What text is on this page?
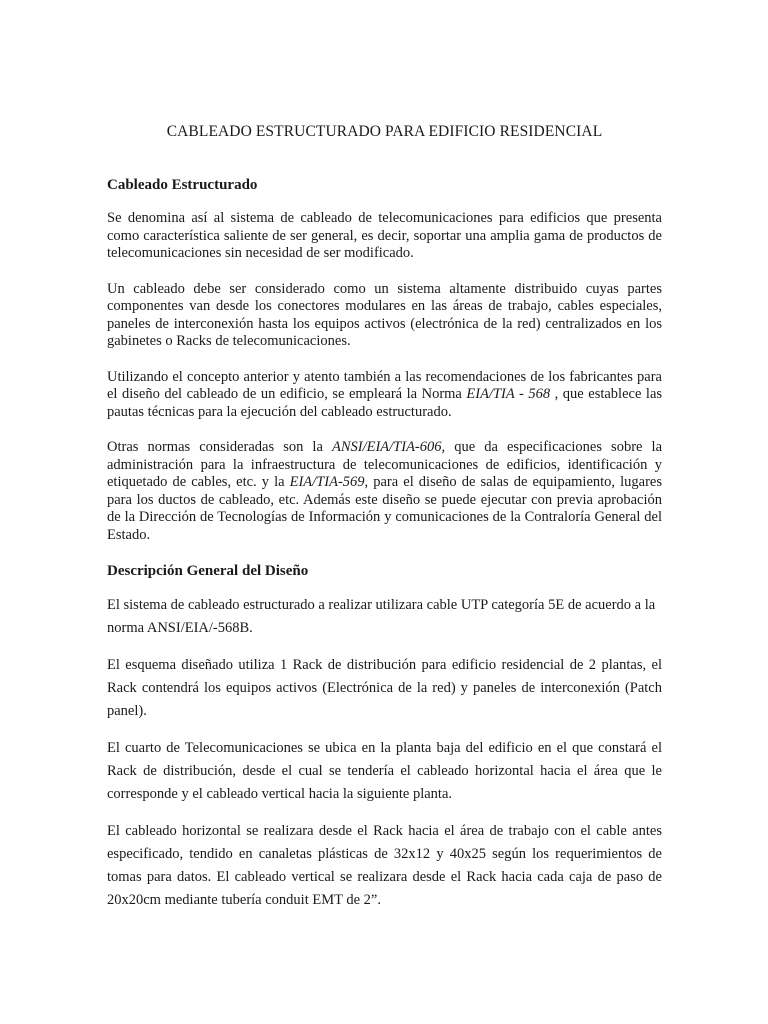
CABLEADO ESTRUCTURADO PARA EDIFICIO RESIDENCIAL
Cableado Estructurado

Se denomina así al sistema de cableado de telecomunicaciones para edificios que presenta como característica saliente de ser general, es decir, soportar una amplia gama de productos de telecomunicaciones sin necesidad de ser modificado.

Un cableado debe ser considerado como un sistema altamente distribuido cuyas partes componentes van desde los conectores modulares en las áreas de trabajo, cables especiales, paneles de interconexión hasta los equipos activos (electrónica de la red) centralizados en los gabinetes o Racks de telecomunicaciones.

Utilizando el concepto anterior y atento también a las recomendaciones de los fabricantes para el diseño del cableado de un edificio, se empleará la Norma EIA/TIA - 568 , que establece las pautas técnicas para la ejecución del cableado estructurado.

Otras normas consideradas son la ANSI/EIA/TIA-606, que da especificaciones sobre la administración para la infraestructura de telecomunicaciones de edificios, identificación y etiquetado de cables, etc. y la EIA/TIA-569, para el diseño de salas de equipamiento, lugares para los ductos de cableado, etc. Además este diseño se puede ejecutar con previa aprobación de la Dirección de Tecnologías de Información y comunicaciones de la Contraloría General del Estado.

Descripción General del Diseño

El sistema de cableado estructurado a realizar utilizara cable UTP categoría 5E de acuerdo a la norma ANSI/EIA/-568B.

El esquema diseñado utiliza 1 Rack de distribución para edificio residencial de 2 plantas, el Rack contendrá los equipos activos (Electrónica de la red) y paneles de interconexión (Patch panel).

El cuarto de Telecomunicaciones se ubica en la planta baja del edificio en el que constará el Rack de distribución, desde el cual se tendería el cableado horizontal hacia el área que le corresponde y el cableado vertical hacia la siguiente planta.

El cableado horizontal se realizara desde el Rack hacia el área de trabajo con el cable antes especificado, tendido en canaletas plásticas de 32x12 y 40x25 según los requerimientos de tomas para datos. El cableado vertical se realizara desde el Rack hacia cada caja de paso de 20x20cm mediante tubería conduit EMT de 2”.
